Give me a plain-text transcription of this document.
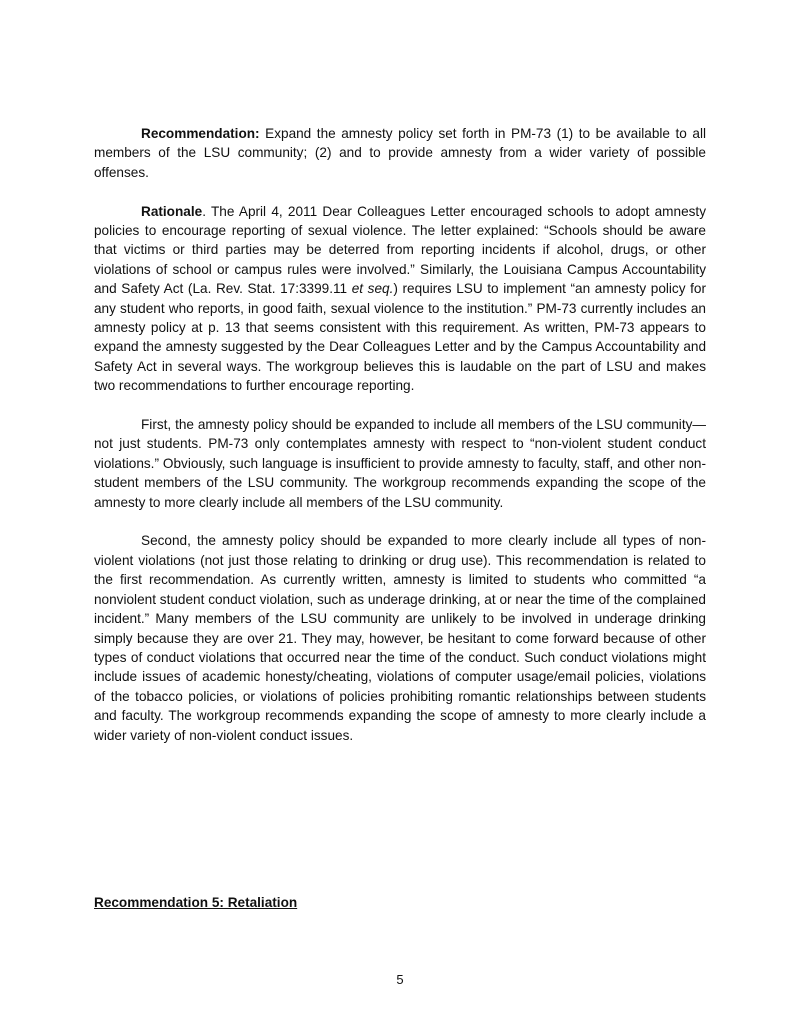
Recommendation: Expand the amnesty policy set forth in PM-73 (1) to be available to all members of the LSU community; (2) and to provide amnesty from a wider variety of possible offenses.

Rationale. The April 4, 2011 Dear Colleagues Letter encouraged schools to adopt amnesty policies to encourage reporting of sexual violence. The letter explained: “Schools should be aware that victims or third parties may be deterred from reporting incidents if alcohol, drugs, or other violations of school or campus rules were involved.” Similarly, the Louisiana Campus Accountability and Safety Act (La. Rev. Stat. 17:3399.11 et seq.) requires LSU to implement “an amnesty policy for any student who reports, in good faith, sexual violence to the institution.” PM-73 currently includes an amnesty policy at p. 13 that seems consistent with this requirement. As written, PM-73 appears to expand the amnesty suggested by the Dear Colleagues Letter and by the Campus Accountability and Safety Act in several ways. The workgroup believes this is laudable on the part of LSU and makes two recommendations to further encourage reporting.

First, the amnesty policy should be expanded to include all members of the LSU community—not just students. PM-73 only contemplates amnesty with respect to “non-violent student conduct violations.” Obviously, such language is insufficient to provide amnesty to faculty, staff, and other non-student members of the LSU community. The workgroup recommends expanding the scope of the amnesty to more clearly include all members of the LSU community.

Second, the amnesty policy should be expanded to more clearly include all types of non-violent violations (not just those relating to drinking or drug use). This recommendation is related to the first recommendation. As currently written, amnesty is limited to students who committed “a nonviolent student conduct violation, such as underage drinking, at or near the time of the complained incident.” Many members of the LSU community are unlikely to be involved in underage drinking simply because they are over 21. They may, however, be hesitant to come forward because of other types of conduct violations that occurred near the time of the conduct. Such conduct violations might include issues of academic honesty/cheating, violations of computer usage/email policies, violations of the tobacco policies, or violations of policies prohibiting romantic relationships between students and faculty. The workgroup recommends expanding the scope of amnesty to more clearly include a wider variety of non-violent conduct issues.

Recommendation 5: Retaliation

5
